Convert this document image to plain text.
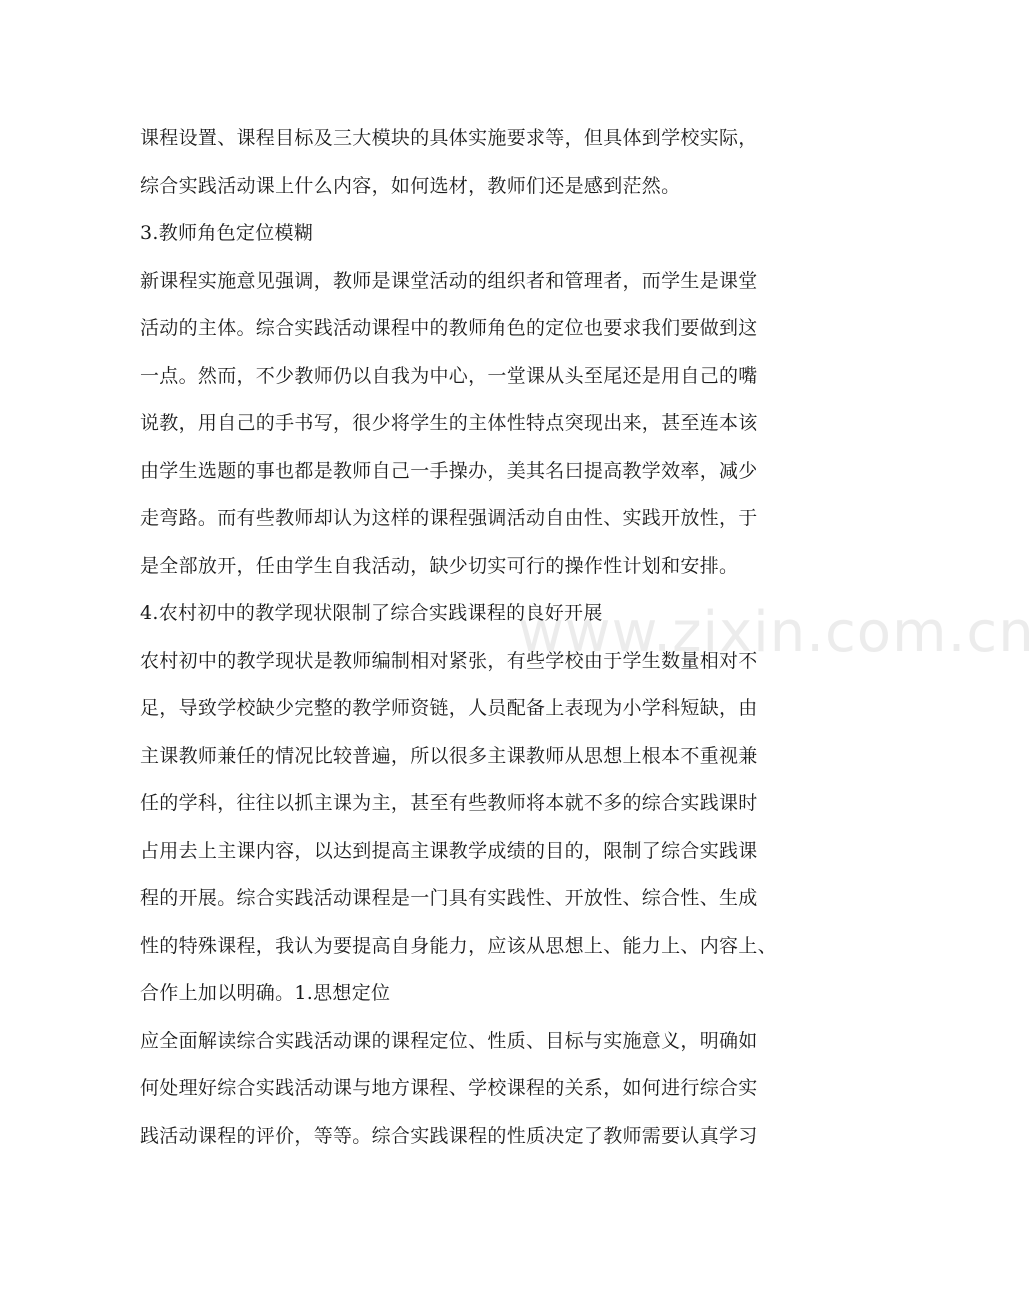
课程设置、课程目标及三大模块的具体实施要求等，但具体到学校实际，
综合实践活动课上什么内容，如何选材，教师们还是感到茫然。
3.教师角色定位模糊
新课程实施意见强调，教师是课堂活动的组织者和管理者，而学生是课堂
活动的主体。综合实践活动课程中的教师角色的定位也要求我们要做到这
一点。然而，不少教师仍以自我为中心，一堂课从头至尾还是用自己的嘴
说教，用自己的手书写，很少将学生的主体性特点突现出来，甚至连本该
由学生选题的事也都是教师自己一手操办，美其名曰提高教学效率，减少
走弯路。而有些教师却认为这样的课程强调活动自由性、实践开放性，于
是全部放开，任由学生自我活动，缺少切实可行的操作性计划和安排。
4.农村初中的教学现状限制了综合实践课程的良好开展
农村初中的教学现状是教师编制相对紧张，有些学校由于学生数量相对不
足，导致学校缺少完整的教学师资链，人员配备上表现为小学科短缺，由
主课教师兼任的情况比较普遍，所以很多主课教师从思想上根本不重视兼
任的学科，往往以抓主课为主，甚至有些教师将本就不多的综合实践课时
占用去上主课内容，以达到提高主课教学成绩的目的，限制了综合实践课
程的开展。综合实践活动课程是一门具有实践性、开放性、综合性、生成
性的特殊课程，我认为要提高自身能力，应该从思想上、能力上、内容上、
合作上加以明确。1.思想定位
应全面解读综合实践活动课的课程定位、性质、目标与实施意义，明确如
何处理好综合实践活动课与地方课程、学校课程的关系，如何进行综合实
践活动课程的评价，等等。综合实践课程的性质决定了教师需要认真学习
www.zixin.com.cn
